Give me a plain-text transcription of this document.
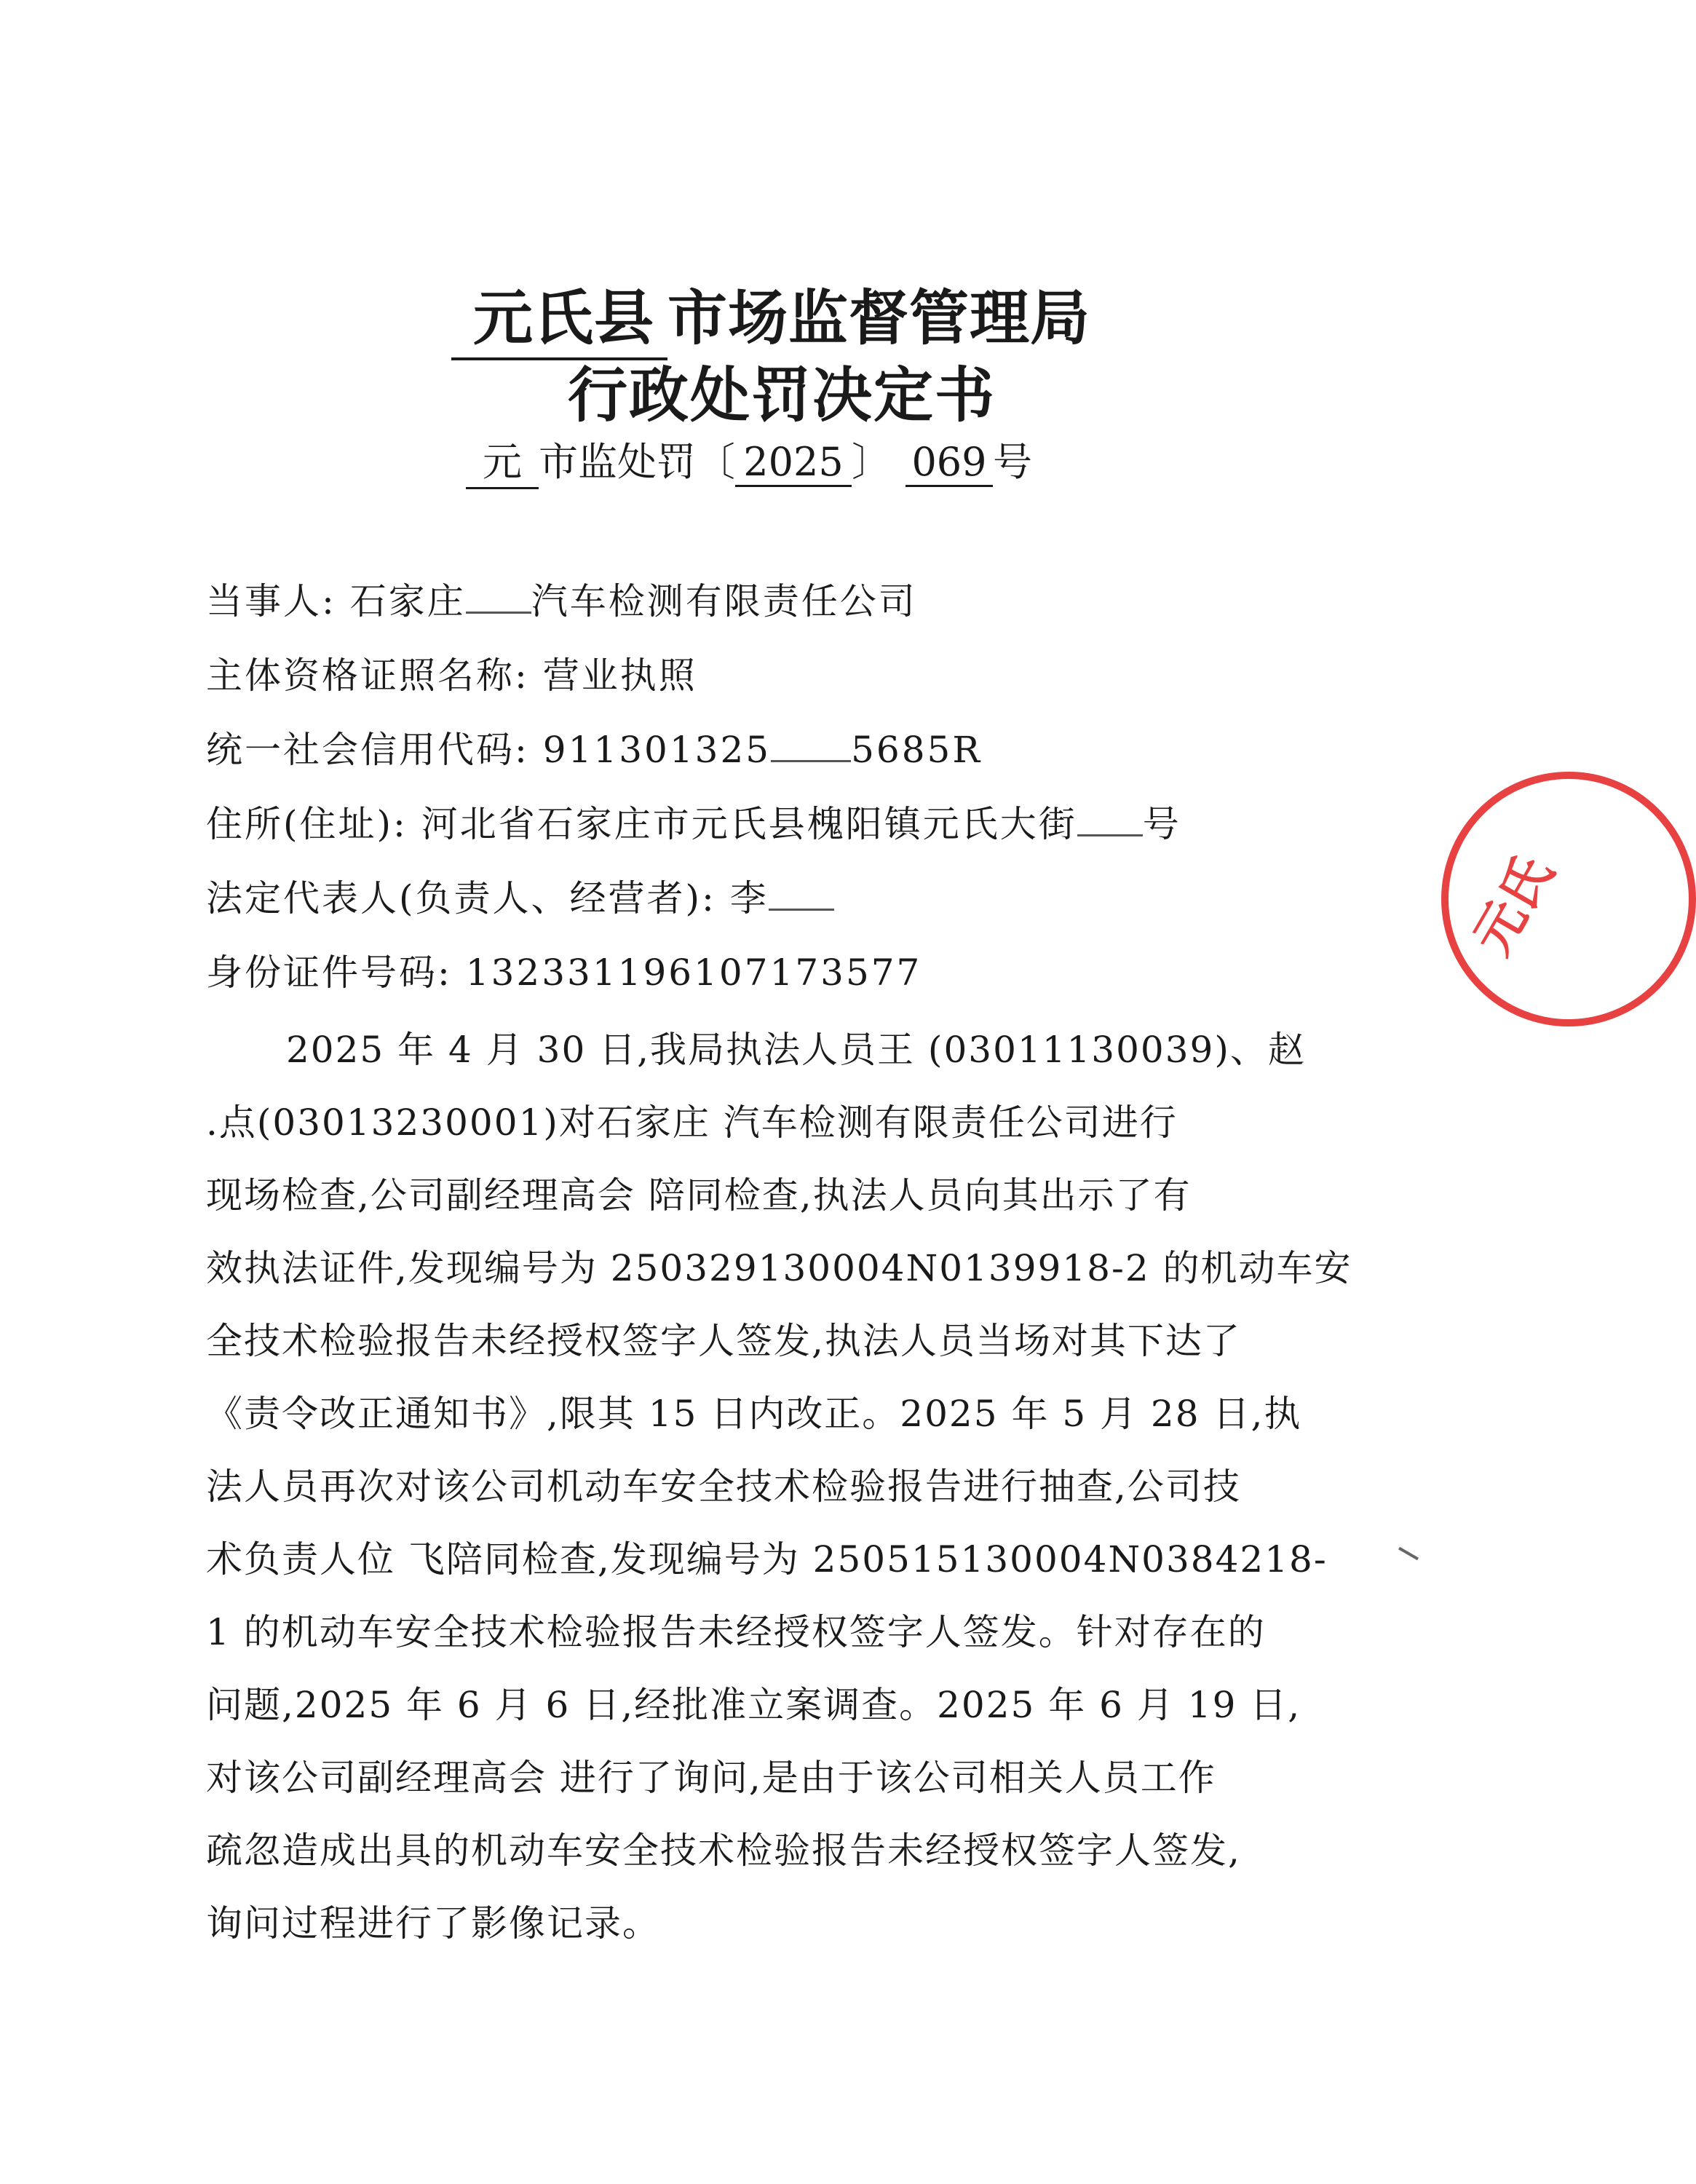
元氏县 市场监督管理局
行政处罚决定书
元 市监处罚〔 2025 〕 069 号
当事人: 石家庄 汽车检测有限责任公司
主体资格证照名称: 营业执照
统一社会信用代码: 911301325 5685R
住所(住址): 河北省石家庄市元氏县槐阳镇元氏大街 号
法定代表人(负责人、经营者): 李
身份证件号码: 132331196107173577
2025 年 4 月 30 日,我局执法人员王 (03011130039)、赵
.点(03013230001)对石家庄 汽车检测有限责任公司进行
现场检查,公司副经理高会 陪同检查,执法人员向其出示了有
效执法证件,发现编号为 250329130004N0139918-2 的机动车安
全技术检验报告未经授权签字人签发,执法人员当场对其下达了
《责令改正通知书》,限其 15 日内改正。2025 年 5 月 28 日,执
法人员再次对该公司机动车安全技术检验报告进行抽查,公司技
术负责人位 飞陪同检查,发现编号为 250515130004N0384218-
1 的机动车安全技术检验报告未经授权签字人签发。针对存在的
问题,2025 年 6 月 6 日,经批准立案调查。2025 年 6 月 19 日,
对该公司副经理高会 进行了询问,是由于该公司相关人员工作
疏忽造成出具的机动车安全技术检验报告未经授权签字人签发,
询问过程进行了影像记录。
元氏
